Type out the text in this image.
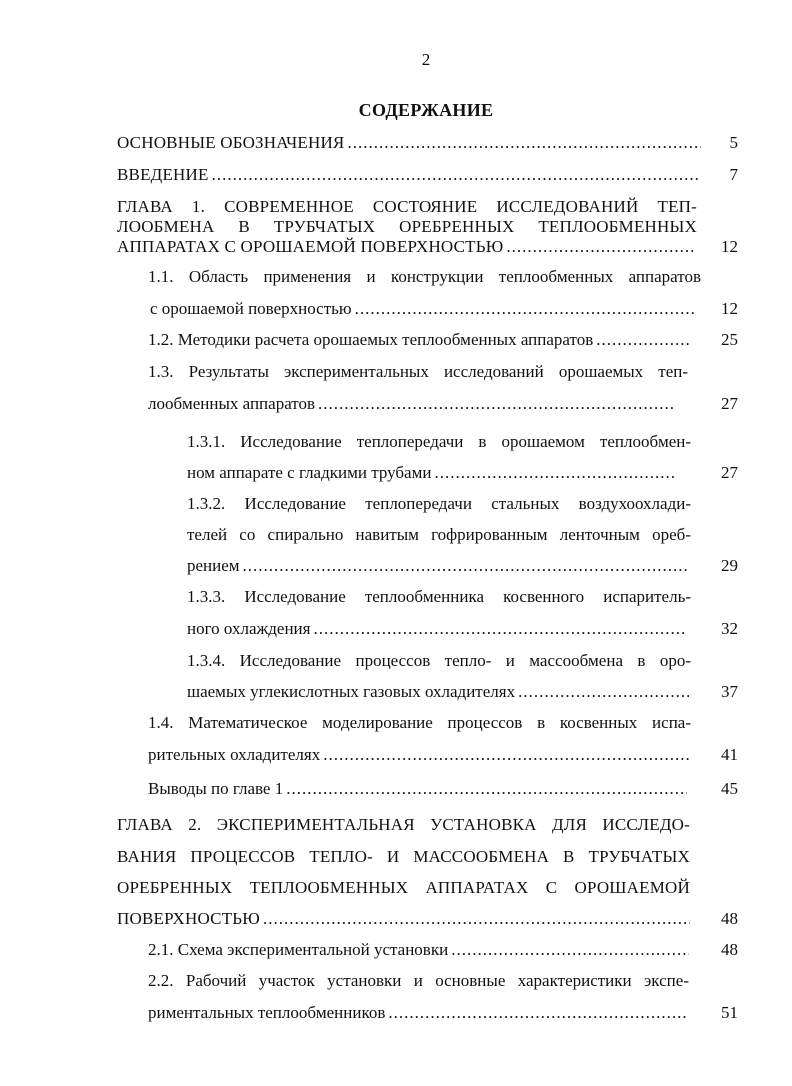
2
СОДЕРЖАНИЕ
ОСНОВНЫЕ ОБОЗНАЧЕНИЯ .....	5
ВВЕДЕНИЕ .....	7
ГЛАВА 1. СОВРЕМЕННОЕ СОСТОЯНИЕ ИССЛЕДОВАНИЙ ТЕП-
ЛООБМЕНА В ТРУБЧАТЫХ ОРЕБРЕННЫХ ТЕПЛООБМЕННЫХ
АППАРАТАХ С ОРОШАЕМОЙ ПОВЕРХНОСТЬЮ .....	12
1.1. Область применения и конструкции теплообменных аппаратов
с орошаемой поверхностью .....	12
1.2. Методики расчета орошаемых теплообменных аппаратов .....	25
1.3. Результаты экспериментальных исследований орошаемых теп-
лообменных аппаратов .....	27
1.3.1. Исследование теплопередачи в орошаемом теплообмен-
ном аппарате с гладкими трубами .....	27
1.3.2. Исследование теплопередачи стальных воздухоохлади-
телей со спирально навитым гофрированным ленточным ореб-
рением .....	29
1.3.3. Исследование теплообменника косвенного испаритель-
ного охлаждения .....	32
1.3.4. Исследование процессов тепло- и массообмена в оро-
шаемых углекислотных газовых охладителях .....	37
1.4. Математическое моделирование процессов в косвенных испа-
рительных охладителях .....	41
Выводы по главе 1 .....	45
ГЛАВА 2. ЭКСПЕРИМЕНТАЛЬНАЯ УСТАНОВКА ДЛЯ ИССЛЕДО-
ВАНИЯ ПРОЦЕССОВ ТЕПЛО- И МАССООБМЕНА В ТРУБЧАТЫХ
ОРЕБРЕННЫХ ТЕПЛООБМЕННЫХ АППАРАТАХ С ОРОШАЕМОЙ
ПОВЕРХНОСТЬЮ .....	48
2.1. Схема экспериментальной установки .....	48
2.2. Рабочий участок установки и основные характеристики экспе-
риментальных теплообменников .....	51
